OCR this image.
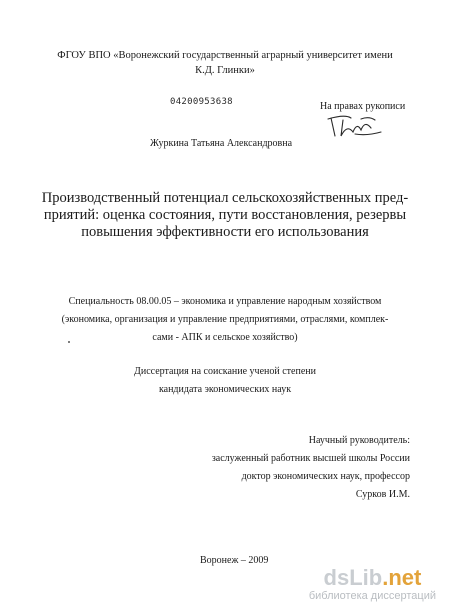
ФГОУ ВПО «Воронежский государственный аграрный университет имени
К.Д. Глинки»
04200953638	На правах рукописи
Журкина Татьяна Александровна
Производственный потенциал сельскохозяйственных пред-
приятий: оценка состояния, пути восстановления, резервы
повышения эффективности его использования
Специальность 08.00.05 – экономика и управление народным хозяйством
(экономика, организация и управление предприятиями, отраслями, комплек-
сами - АПК и сельское хозяйство)
Диссертация на соискание ученой степени
кандидата экономических наук
Научный руководитель:
заслуженный работник высшей школы России
доктор экономических наук, профессор
Сурков И.М.
Воронеж – 2009
dsLib.net
библиотека диссертаций
